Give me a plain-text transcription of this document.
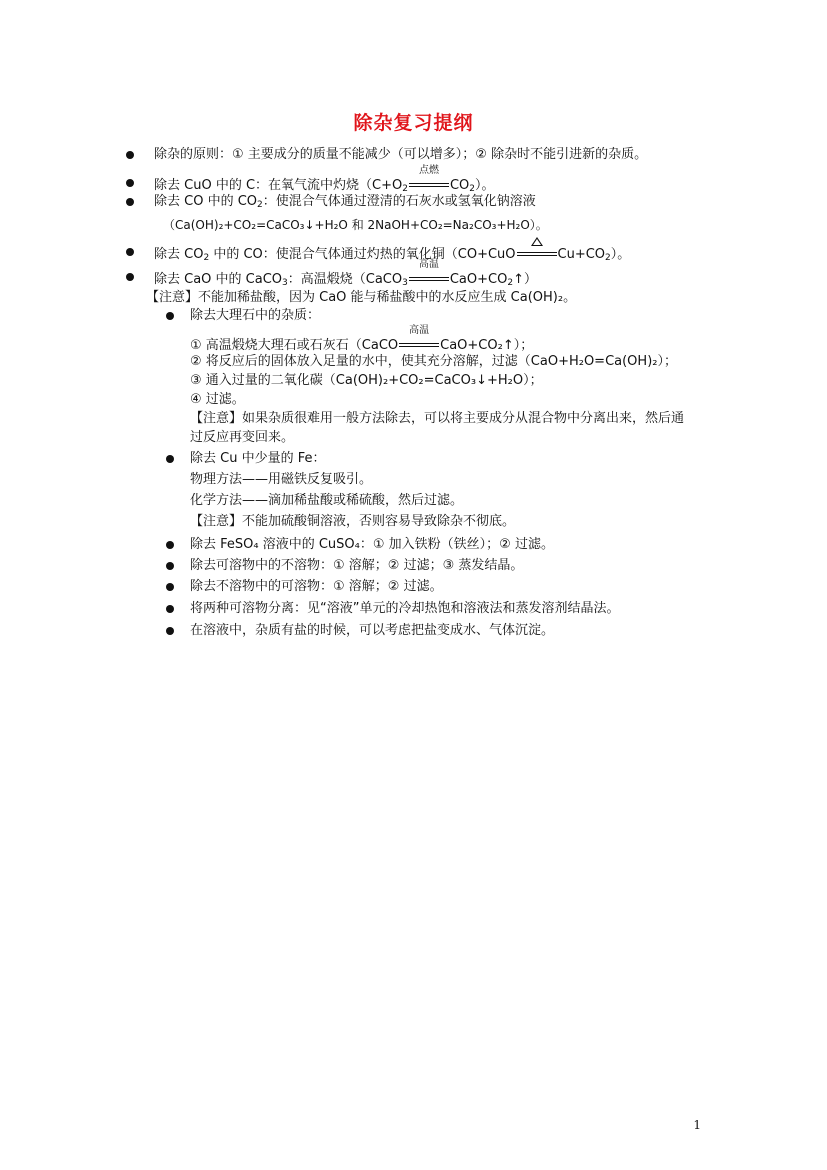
除杂复习提纲
除杂的原则：① 主要成分的质量不能减少（可以增多）；② 除杂时不能引进新的杂质。
除去 CuO 中的 C：在氧气流中灼烧（$C+O_2$
点燃
$CO_2$）。
除去 CO 中的 $CO_2$：使混合气体通过澄清的石灰水或氢氧化钠溶液
（Ca(OH)₂+CO₂=CaCO₃↓+H₂O 和 2NaOH+CO₂=Na₂CO₃+H₂O）。
除去 $CO_2$ 中的 CO：使混合气体通过灼热的氧化铜（CO+CuO	$Cu+CO_2$）。
除去 CaO 中的 CaCO$_3$：高温煅烧（CaCO$_3$
高温
$CaO+CO_2↑$）
【注意】不能加稀盐酸，因为 CaO 能与稀盐酸中的水反应生成 Ca(OH)₂。
除去大理石中的杂质：
① 高温煅烧大理石或石灰石（CaCO
高温
CaO+CO₂↑）；
② 将反应后的固体放入足量的水中，使其充分溶解，过滤（CaO+H₂O=Ca(OH)₂）；
③ 通入过量的二氧化碳（Ca(OH)₂+CO₂=CaCO₃↓+H₂O）；
④ 过滤。
【注意】如果杂质很难用一般方法除去，可以将主要成分从混合物中分离出来，然后通
过反应再变回来。
除去 Cu 中少量的 Fe：
物理方法——用磁铁反复吸引。
化学方法——滴加稀盐酸或稀硫酸，然后过滤。
【注意】不能加硫酸铜溶液，否则容易导致除杂不彻底。
除去 FeSO₄ 溶液中的 CuSO₄：① 加入铁粉（铁丝）；② 过滤。
除去可溶物中的不溶物：① 溶解；② 过滤；③ 蒸发结晶。
除去不溶物中的可溶物：① 溶解；② 过滤。
将两种可溶物分离：见“溶液”单元的冷却热饱和溶液法和蒸发溶剂结晶法。
在溶液中，杂质有盐的时候，可以考虑把盐变成水、气体沉淀。
1
